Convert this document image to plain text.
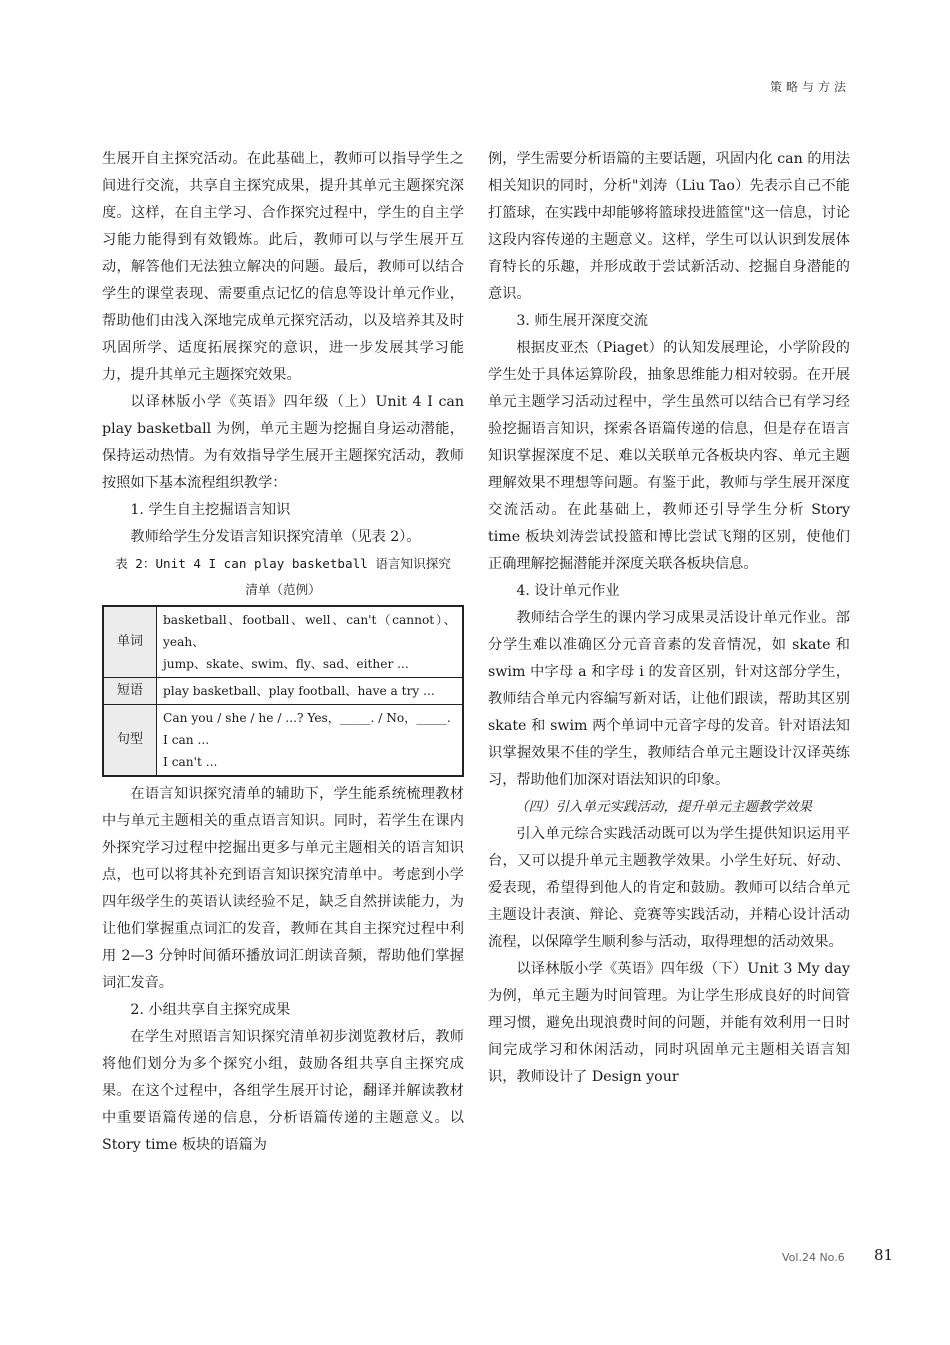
策略与方法

生展开自主探究活动。在此基础上，教师可以指导学生之间进行交流，共享自主探究成果，提升其单元主题探究深度。这样，在自主学习、合作探究过程中，学生的自主学习能力能得到有效锻炼。此后，教师可以与学生展开互动，解答他们无法独立解决的问题。最后，教师可以结合学生的课堂表现、需要重点记忆的信息等设计单元作业，帮助他们由浅入深地完成单元探究活动，以及培养其及时巩固所学、适度拓展探究的意识，进一步发展其学习能力，提升其单元主题探究效果。

以译林版小学《英语》四年级（上）Unit 4 I can play basketball 为例，单元主题为挖掘自身运动潜能，保持运动热情。为有效指导学生展开主题探究活动，教师按照如下基本流程组织教学：

1. 学生自主挖掘语言知识

教师给学生分发语言知识探究清单（见表 2）。

表 2：Unit 4 I can play basketball 语言知识探究

清单（范例）

单词	basketball、football、well、can't（cannot）、yeah、
jump、skate、swim、fly、sad、either ...

短语	play basketball、play football、have a try ...

句型	Can you / she / he / ...? Yes，_____. / No，_____.
I can ...
I can't ...

在语言知识探究清单的辅助下，学生能系统梳理教材中与单元主题相关的重点语言知识。同时，若学生在课内外探究学习过程中挖掘出更多与单元主题相关的语言知识点，也可以将其补充到语言知识探究清单中。考虑到小学四年级学生的英语认读经验不足，缺乏自然拼读能力，为让他们掌握重点词汇的发音，教师在其自主探究过程中利用 2—3 分钟时间循环播放词汇朗读音频，帮助他们掌握词汇发音。

2. 小组共享自主探究成果

在学生对照语言知识探究清单初步浏览教材后，教师将他们划分为多个探究小组，鼓励各组共享自主探究成果。在这个过程中，各组学生展开讨论，翻译并解读教材中重要语篇传递的信息，分析语篇传递的主题意义。以 Story time 板块的语篇为

例，学生需要分析语篇的主要话题，巩固内化 can 的用法相关知识的同时，分析"刘涛（Liu Tao）先表示自己不能打篮球，在实践中却能够将篮球投进篮筐"这一信息，讨论这段内容传递的主题意义。这样，学生可以认识到发展体育特长的乐趣，并形成敢于尝试新活动、挖掘自身潜能的意识。

3. 师生展开深度交流

根据皮亚杰（Piaget）的认知发展理论，小学阶段的学生处于具体运算阶段，抽象思维能力相对较弱。在开展单元主题学习活动过程中，学生虽然可以结合已有学习经验挖掘语言知识，探索各语篇传递的信息，但是存在语言知识掌握深度不足、难以关联单元各板块内容、单元主题理解效果不理想等问题。有鉴于此，教师与学生展开深度交流活动。在此基础上，教师还引导学生分析 Story time 板块刘涛尝试投篮和博比尝试飞翔的区别，使他们正确理解挖掘潜能并深度关联各板块信息。

4. 设计单元作业

教师结合学生的课内学习成果灵活设计单元作业。部分学生难以准确区分元音音素的发音情况，如 skate 和 swim 中字母 a 和字母 i 的发音区别，针对这部分学生，教师结合单元内容编写新对话，让他们跟读，帮助其区别 skate 和 swim 两个单词中元音字母的发音。针对语法知识掌握效果不佳的学生，教师结合单元主题设计汉译英练习，帮助他们加深对语法知识的印象。

（四）引入单元实践活动，提升单元主题教学效果

引入单元综合实践活动既可以为学生提供知识运用平台，又可以提升单元主题教学效果。小学生好玩、好动、爱表现，希望得到他人的肯定和鼓励。教师可以结合单元主题设计表演、辩论、竞赛等实践活动，并精心设计活动流程，以保障学生顺利参与活动，取得理想的活动效果。

以译林版小学《英语》四年级（下）Unit 3 My day 为例，单元主题为时间管理。为让学生形成良好的时间管理习惯，避免出现浪费时间的问题，并能有效利用一日时间完成学习和休闲活动，同时巩固单元主题相关语言知识，教师设计了 Design your

Vol.24 No.6 81
